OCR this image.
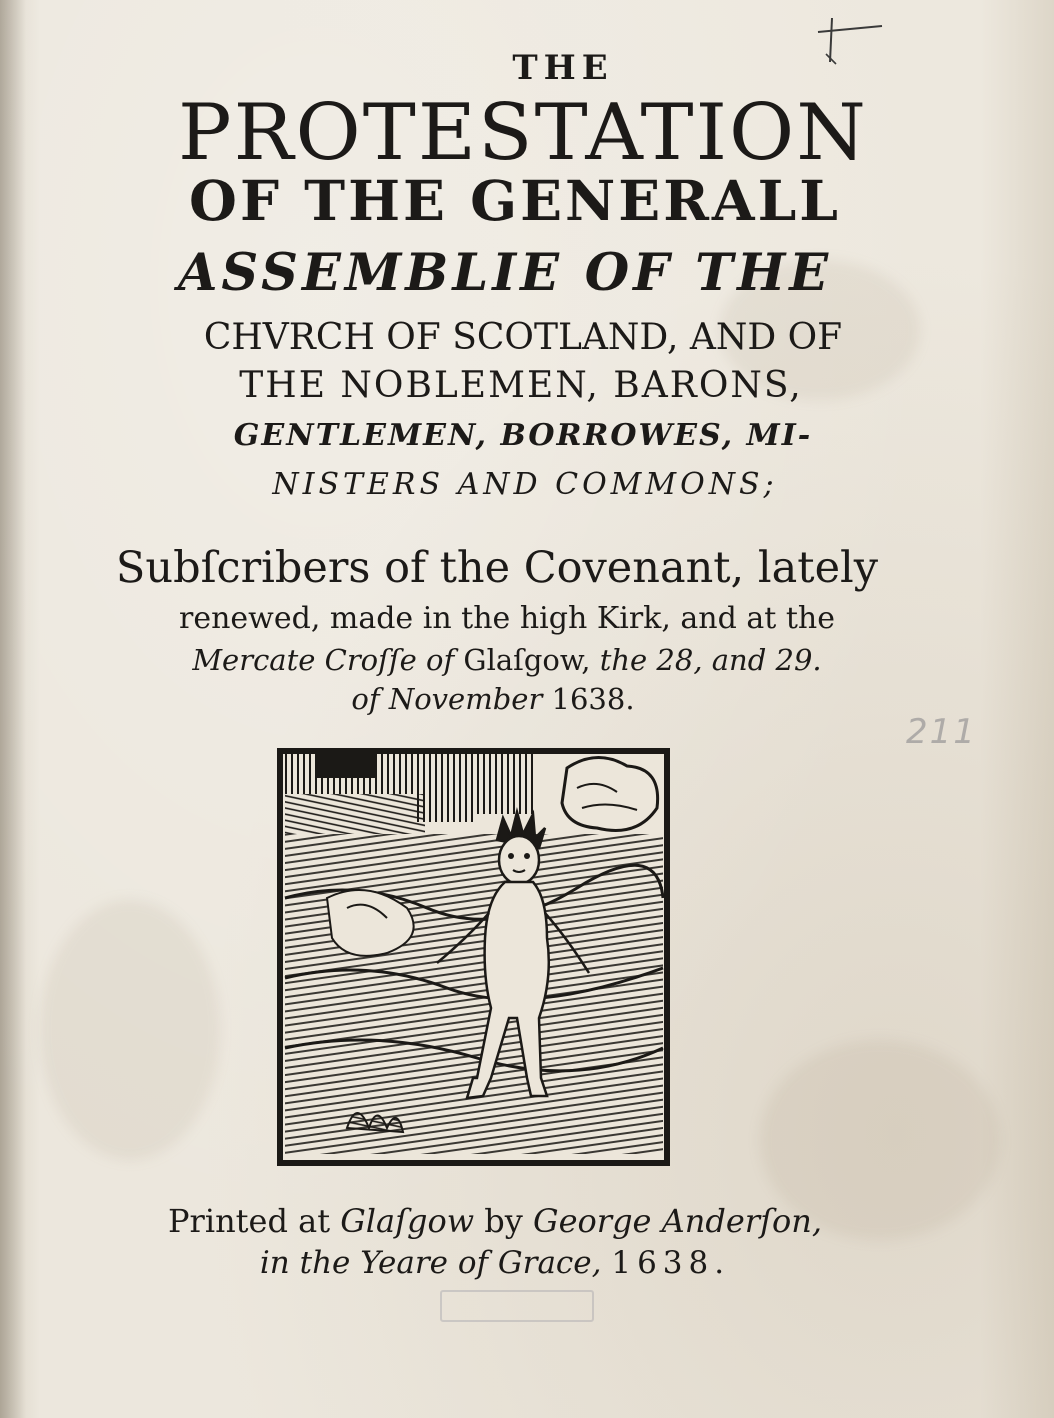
THE
PROTESTATION
OF THE GENERALL
ASSEMBLIE OF THE
CHVRCH OF SCOTLAND, AND OF
THE NOBLEMEN, BARONS,
GENTLEMEN, BORROWES, MI-
NISTERS AND COMMONS;
Subſcribers of the Covenant, lately
renewed, made in the high Kirk, and at the
Mercate Croſſe of Glaſgow, the 28, and 29.
of November 1638.
211
Printed at Glaſgow by George Anderſon,
in the Yeare of Grace, 1638.
